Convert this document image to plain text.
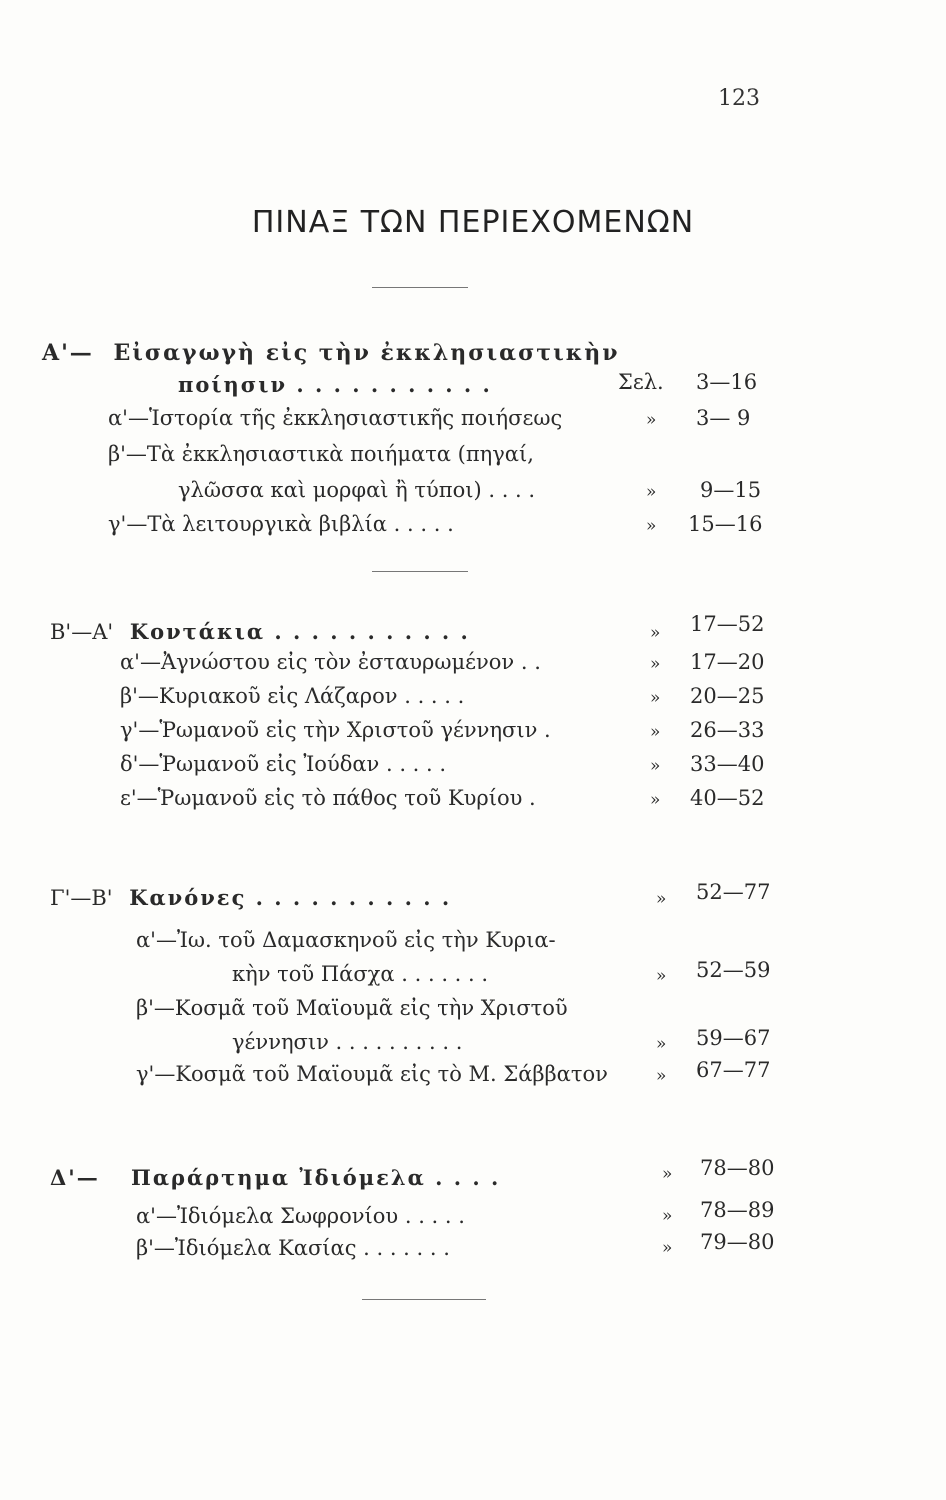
123
ΠΙΝΑΞ ΤΩΝ ΠΕΡΙΕΧΟΜΕΝΩΝ
Α'— Εἰσαγωγὴ εἰς τὴν ἐκκλησιαστικὴν
ποίησιν . . . . . . . . . . .	Σελ. 3—16
α'—Ἱστορία τῆς ἐκκλησιαστικῆς ποιήσεως	» 3— 9
β'—Τὰ ἐκκλησιαστικὰ ποιήματα (πηγαί,
γλῶσσα καὶ μορφαὶ ἢ τύποι) . . . .	» 9—15
γ'—Τὰ λειτουργικὰ βιβλία . . . . .	» 15—16
Β'—Α' Κοντάκια . . . . . . . . . . .	» 17—52
α'—Ἀγνώστου εἰς τὸν ἐσταυρωμένον . .	» 17—20
β'—Κυριακοῦ εἰς Λάζαρον . . . . .	» 20—25
γ'—Ῥωμανοῦ εἰς τὴν Χριστοῦ γέννησιν .	» 26—33
δ'—Ῥωμανοῦ εἰς Ἰούδαν . . . . .	» 33—40
ε'—Ῥωμανοῦ εἰς τὸ πάθος τοῦ Κυρίου .	» 40—52
Γ'—Β' Κανόνες . . . . . . . . . . .	» 52—77
α'—Ἰω. τοῦ Δαμασκηνοῦ εἰς τὴν Κυρια-
κὴν τοῦ Πάσχα . . . . . . .	» 52—59
β'—Κοσμᾶ τοῦ Μαϊουμᾶ εἰς τὴν Χριστοῦ
γέννησιν . . . . . . . . . .	» 59—67
γ'—Κοσμᾶ τοῦ Μαϊουμᾶ εἰς τὸ Μ. Σάββατον	» 67—77
Δ'— Παράρτημα Ἰδιόμελα . . . .	» 78—80
α'—Ἰδιόμελα Σωφρονίου . . . . .	» 78—89
β'—Ἰδιόμελα Κασίας . . . . . . .	» 79—80
